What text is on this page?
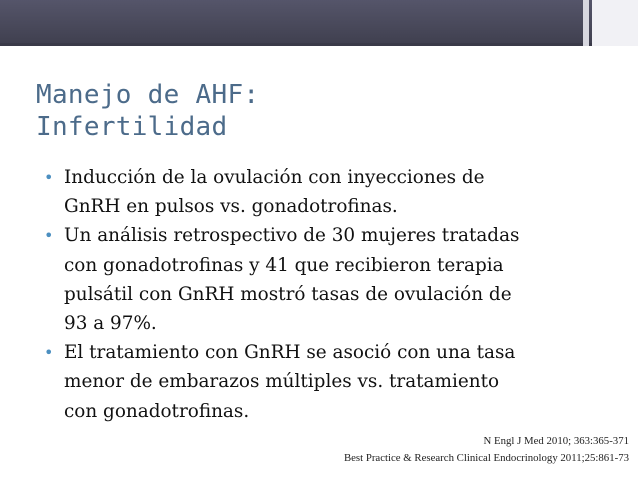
Manejo de AHF:
Infertilidad
• Inducción de la ovulación con inyecciones de
GnRH en pulsos vs. gonadotrofinas.
• Un análisis retrospectivo de 30 mujeres tratadas
con gonadotrofinas y 41 que recibieron terapia
pulsátil con GnRH mostró tasas de ovulación de
93 a 97%.
• El tratamiento con GnRH se asoció con una tasa
menor de embarazos múltiples vs. tratamiento
con gonadotrofinas.
N Engl J Med 2010; 363:365-371
Best Practice & Research Clinical Endocrinology 2011;25:861-73
